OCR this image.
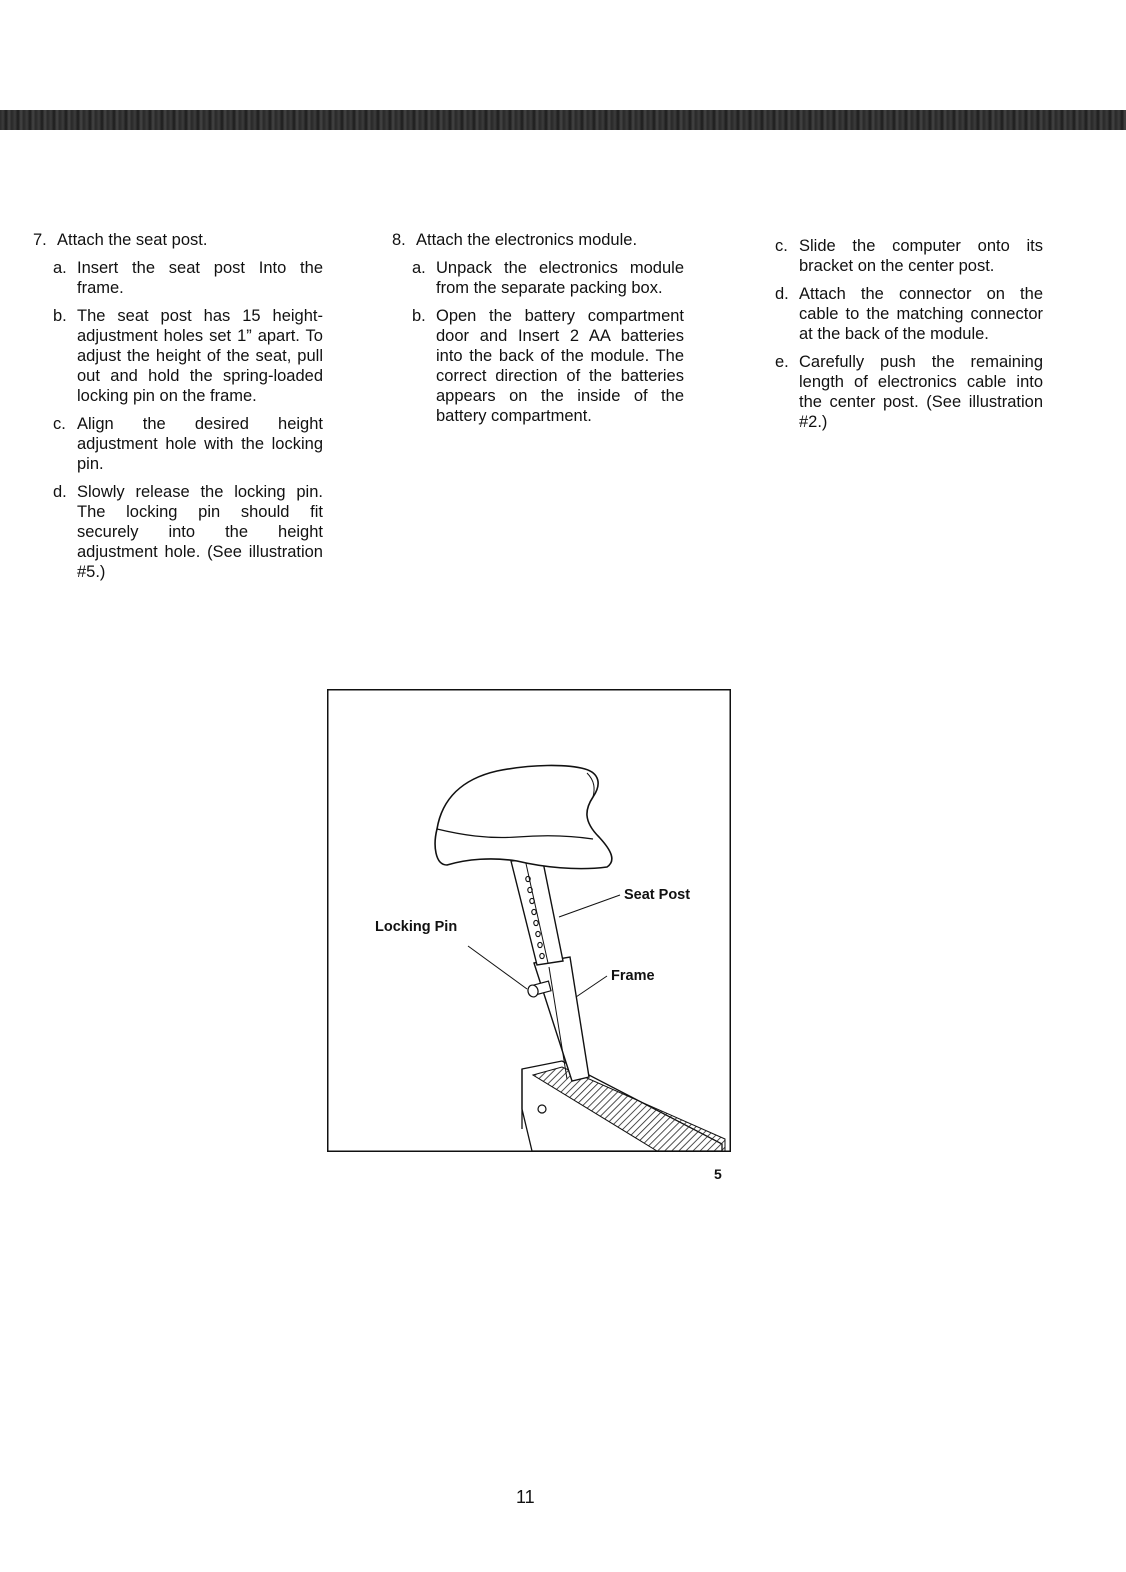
7. Attach the seat post.
a. Insert the seat post Into the frame.
b. The seat post has 15 height-adjustment holes set 1” apart. To adjust the height of the seat, pull out and hold the spring-loaded locking pin on the frame.
c. Align the desired height adjustment hole with the locking pin.
d. Slowly release the locking pin. The locking pin should fit securely into the height adjustment hole. (See illustration #5.)
8. Attach the electronics module.
a. Unpack the electronics module from the separate packing box.
b. Open the battery compartment door and Insert 2 AA batteries into the back of the module. The correct direction of the batteries appears on the inside of the battery compartment.
c. Slide the computer onto its bracket on the center post.
d. Attach the connector on the cable to the matching connector at the back of the module.
e. Carefully push the remaining length of electronics cable into the center post. (See illustration #2.)
Seat Post
Locking Pin
Frame
5
11
